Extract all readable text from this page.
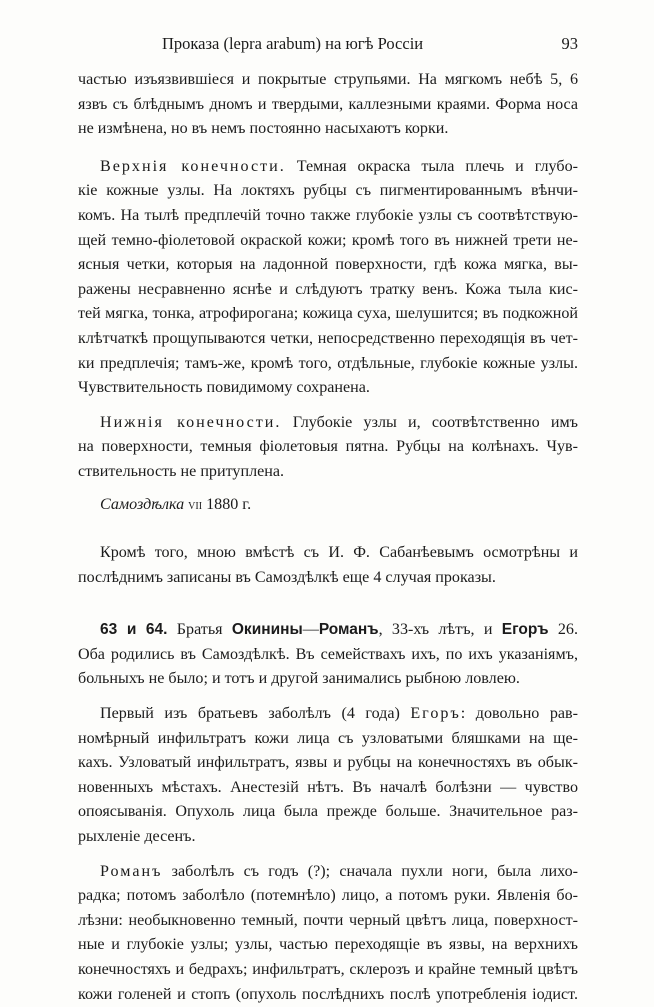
Проказа (lepra arabum) на югѣ Россіи	93

частью изъязвившіеся и покрытые струпьями. На мягкомъ небѣ 5, 6

язвъ съ блѣднымъ дномъ и твердыми, каллезными краями. Форма носа

не измѣнена, но въ немъ постоянно насыхаютъ корки.

Верхнія конечности. Темная окраска тыла плечь и глубо-

кіе кожные узлы. На локтяхъ рубцы съ пигментированнымъ вѣнчи-

комъ. На тылѣ предплечій точно также глубокіе узлы съ соотвѣтствую-

щей темно-фіолетовой окраской кожи; кромѣ того въ нижней трети не-

ясныя четки, которыя на ладонной поверхности, гдѣ кожа мягка, вы-

ражены несравненно яснѣе и слѣдуютъ тратку венъ. Кожа тыла кис-

тей мягка, тонка, атрофирогана; кожица суха, шелушится; въ подкожной

клѣтчаткѣ прощупываются четки, непосредственно переходящія въ чет-

ки предплечія; тамъ-же, кромѣ того, отдѣльные, глубокіе кожные узлы.

Чувствительность повидимому сохранена.

Нижнія конечности. Глубокіе узлы и, соотвѣтственно имъ

на поверхности, темныя фіолетовыя пятна. Рубцы на колѣнахъ. Чув-

ствительность не притуплена.

Самоздѣлка VII 1880 г.

Кромѣ того, мною вмѣстѣ съ И. Ф. Сабанѣевымъ осмотрѣны и

послѣднимъ записаны въ Самоздѣлкѣ еще 4 случая проказы.

63 и 64. Братья Окинины—Романъ, 33-хъ лѣтъ, и Егоръ 26.

Оба родились въ Самоздѣлкѣ. Въ семействахъ ихъ, по ихъ указаніямъ,

больныхъ не было; и тотъ и другой занимались рыбною ловлею.

Первый изъ братьевъ заболѣлъ (4 года) Егоръ: довольно рав-

номѣрный инфильтратъ кожи лица съ узловатыми бляшками на ще-

кахъ. Узловатый инфильтратъ, язвы и рубцы на конечностяхъ въ обык-

новенныхъ мѣстахъ. Анестезій нѣтъ. Въ началѣ болѣзни — чувство

опоясыванія. Опухоль лица была прежде больше. Значительное раз-

рыхленіе десенъ.

Романъ заболѣлъ съ годъ (?); сначала пухли ноги, была лихо-

радка; потомъ заболѣло (потемнѣло) лицо, а потомъ руки. Явленія бо-

лѣзни: необыкновенно темный, почти черный цвѣтъ лица, поверхност-

ные и глубокіе узлы; узлы, частью переходящіе въ язвы, на верхнихъ

конечностяхъ и бедрахъ; инфильтратъ, склерозъ и крайне темный цвѣтъ

кожи голеней и стопъ (опухоль послѣднихъ послѣ употребленія іодист.
